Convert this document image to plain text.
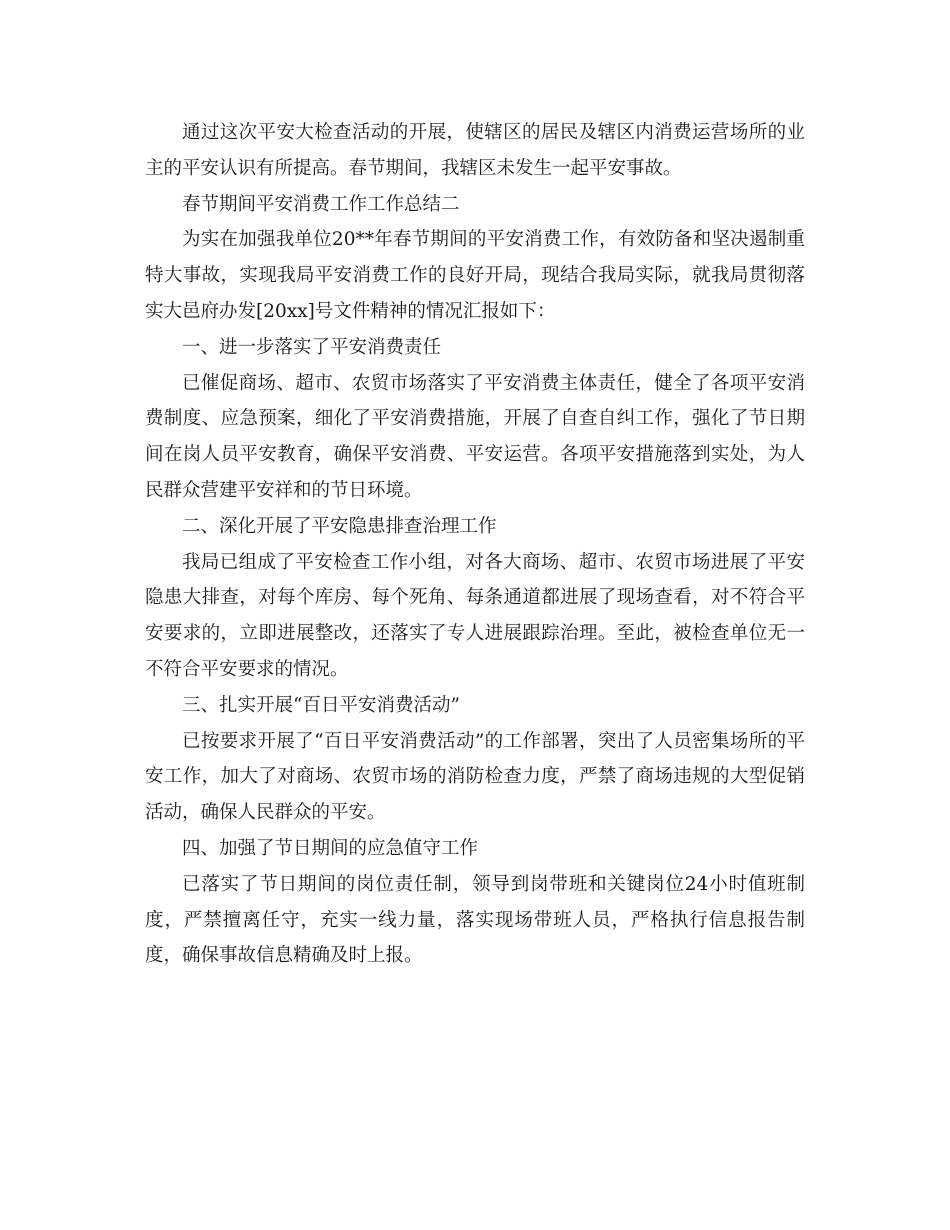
通过这次平安大检查活动的开展，使辖区的居民及辖区内消费运营场所的业主的平安认识有所提高。春节期间，我辖区未发生一起平安事故。

春节期间平安消费工作工作总结二

为实在加强我单位20**年春节期间的平安消费工作，有效防备和坚决遏制重特大事故，实现我局平安消费工作的良好开局，现结合我局实际，就我局贯彻落实大邑府办发[20xx]号文件精神的情况汇报如下：

一、进一步落实了平安消费责任

已催促商场、超市、农贸市场落实了平安消费主体责任，健全了各项平安消费制度、应急预案，细化了平安消费措施，开展了自查自纠工作，强化了节日期间在岗人员平安教育，确保平安消费、平安运营。各项平安措施落到实处，为人民群众营建平安祥和的节日环境。

二、深化开展了平安隐患排查治理工作

我局已组成了平安检查工作小组，对各大商场、超市、农贸市场进展了平安隐患大排查，对每个库房、每个死角、每条通道都进展了现场查看，对不符合平安要求的，立即进展整改，还落实了专人进展跟踪治理。至此，被检查单位无一不符合平安要求的情况。

三、扎实开展“百日平安消费活动”

已按要求开展了“百日平安消费活动”的工作部署，突出了人员密集场所的平安工作，加大了对商场、农贸市场的消防检查力度，严禁了商场违规的大型促销活动，确保人民群众的平安。

四、加强了节日期间的应急值守工作

已落实了节日期间的岗位责任制，领导到岗带班和关键岗位24小时值班制度，严禁擅离任守，充实一线力量，落实现场带班人员，严格执行信息报告制度，确保事故信息精确及时上报。
